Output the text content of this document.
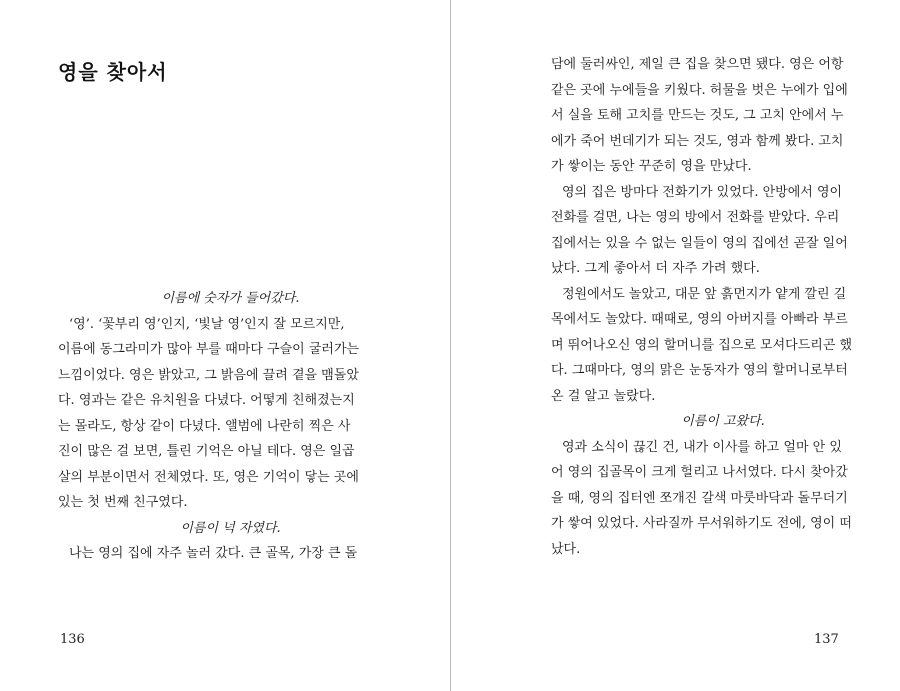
영을 찾아서
이름에 숫자가 들어갔다.
‘영’. ‘꽃부리 영’인지, ‘빛날 영’인지 잘 모르지만,
이름에 동그라미가 많아 부를 때마다 구슬이 굴러가는
느낌이었다. 영은 밝았고, 그 밝음에 끌려 곁을 맴돌았
다. 영과는 같은 유치원을 다녔다. 어떻게 친해졌는지
는 몰라도, 항상 같이 다녔다. 앨범에 나란히 찍은 사
진이 많은 걸 보면, 틀린 기억은 아닐 테다. 영은 일곱
살의 부분이면서 전체였다. 또, 영은 기억이 닿는 곳에
있는 첫 번째 친구였다.
이름이 넉 자였다.
나는 영의 집에 자주 놀러 갔다. 큰 골목, 가장 큰 돌
136
담에 둘러싸인, 제일 큰 집을 찾으면 됐다. 영은 어항
같은 곳에 누에들을 키웠다. 허물을 벗은 누에가 입에
서 실을 토해 고치를 만드는 것도, 그 고치 안에서 누
에가 죽어 번데기가 되는 것도, 영과 함께 봤다. 고치
가 쌓이는 동안 꾸준히 영을 만났다.
영의 집은 방마다 전화기가 있었다. 안방에서 영이
전화를 걸면, 나는 영의 방에서 전화를 받았다. 우리
집에서는 있을 수 없는 일들이 영의 집에선 곧잘 일어
났다. 그게 좋아서 더 자주 가려 했다.
정원에서도 놀았고, 대문 앞 흙먼지가 얕게 깔린 길
목에서도 놀았다. 때때로, 영의 아버지를 아빠라 부르
며 뛰어나오신 영의 할머니를 집으로 모셔다드리곤 했
다. 그때마다, 영의 맑은 눈동자가 영의 할머니로부터
온 걸 알고 놀랐다.
이름이 고왔다.
영과 소식이 끊긴 건, 내가 이사를 하고 얼마 안 있
어 영의 집골목이 크게 헐리고 나서였다. 다시 찾아갔
을 때, 영의 집터엔 쪼개진 갈색 마룻바닥과 돌무더기
가 쌓여 있었다. 사라질까 무서워하기도 전에, 영이 떠
났다.
137
